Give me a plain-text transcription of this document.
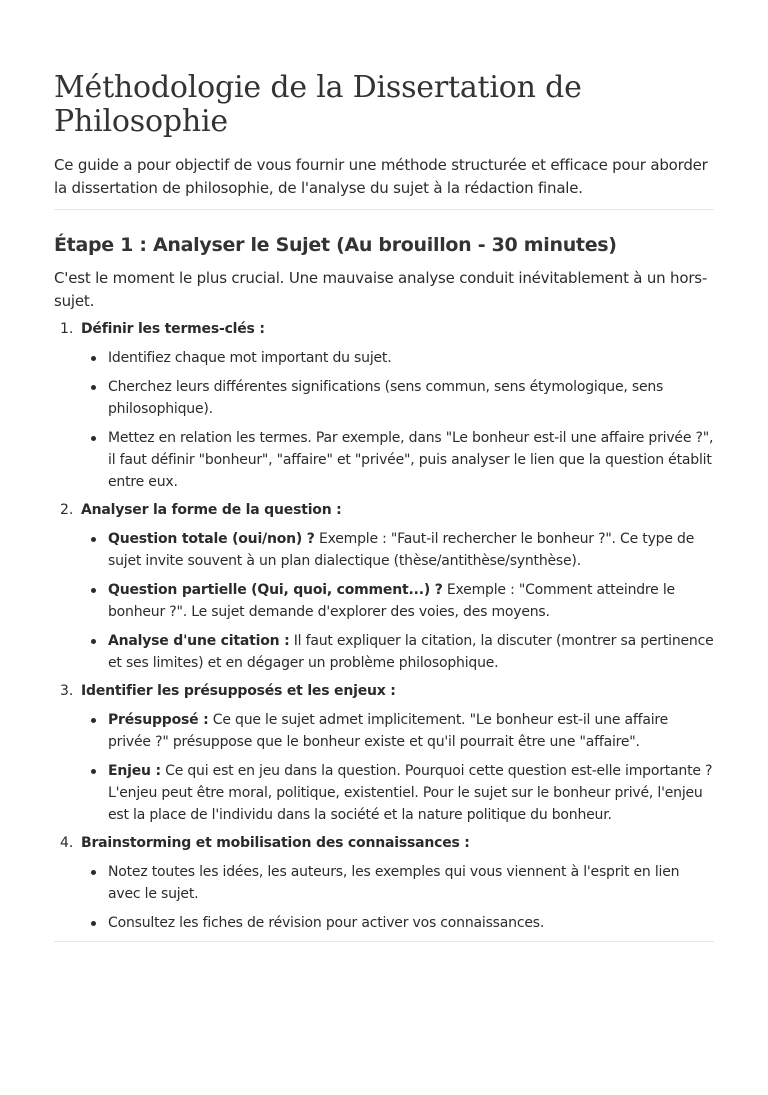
Méthodologie de la Dissertation de Philosophie

Ce guide a pour objectif de vous fournir une méthode structurée et efficace pour aborder la dissertation de philosophie, de l'analyse du sujet à la rédaction finale.

Étape 1 : Analyser le Sujet (Au brouillon - 30 minutes)

C'est le moment le plus crucial. Une mauvaise analyse conduit inévitablement à un hors-sujet.

1. Définir les termes-clés :
Identifiez chaque mot important du sujet.
Cherchez leurs différentes significations (sens commun, sens étymologique, sens philosophique).
Mettez en relation les termes. Par exemple, dans "Le bonheur est-il une affaire privée ?", il faut définir "bonheur", "affaire" et "privée", puis analyser le lien que la question établit entre eux.
2. Analyser la forme de la question :
Question totale (oui/non) ? Exemple : "Faut-il rechercher le bonheur ?". Ce type de sujet invite souvent à un plan dialectique (thèse/antithèse/synthèse).
Question partielle (Qui, quoi, comment...) ? Exemple : "Comment atteindre le bonheur ?". Le sujet demande d'explorer des voies, des moyens.
Analyse d'une citation : Il faut expliquer la citation, la discuter (montrer sa pertinence et ses limites) et en dégager un problème philosophique.
3. Identifier les présupposés et les enjeux :
Présupposé : Ce que le sujet admet implicitement. "Le bonheur est-il une affaire privée ?" présuppose que le bonheur existe et qu'il pourrait être une "affaire".
Enjeu : Ce qui est en jeu dans la question. Pourquoi cette question est-elle importante ? L'enjeu peut être moral, politique, existentiel. Pour le sujet sur le bonheur privé, l'enjeu est la place de l'individu dans la société et la nature politique du bonheur.
4. Brainstorming et mobilisation des connaissances :
Notez toutes les idées, les auteurs, les exemples qui vous viennent à l'esprit en lien avec le sujet.
Consultez les fiches de révision pour activer vos connaissances.
